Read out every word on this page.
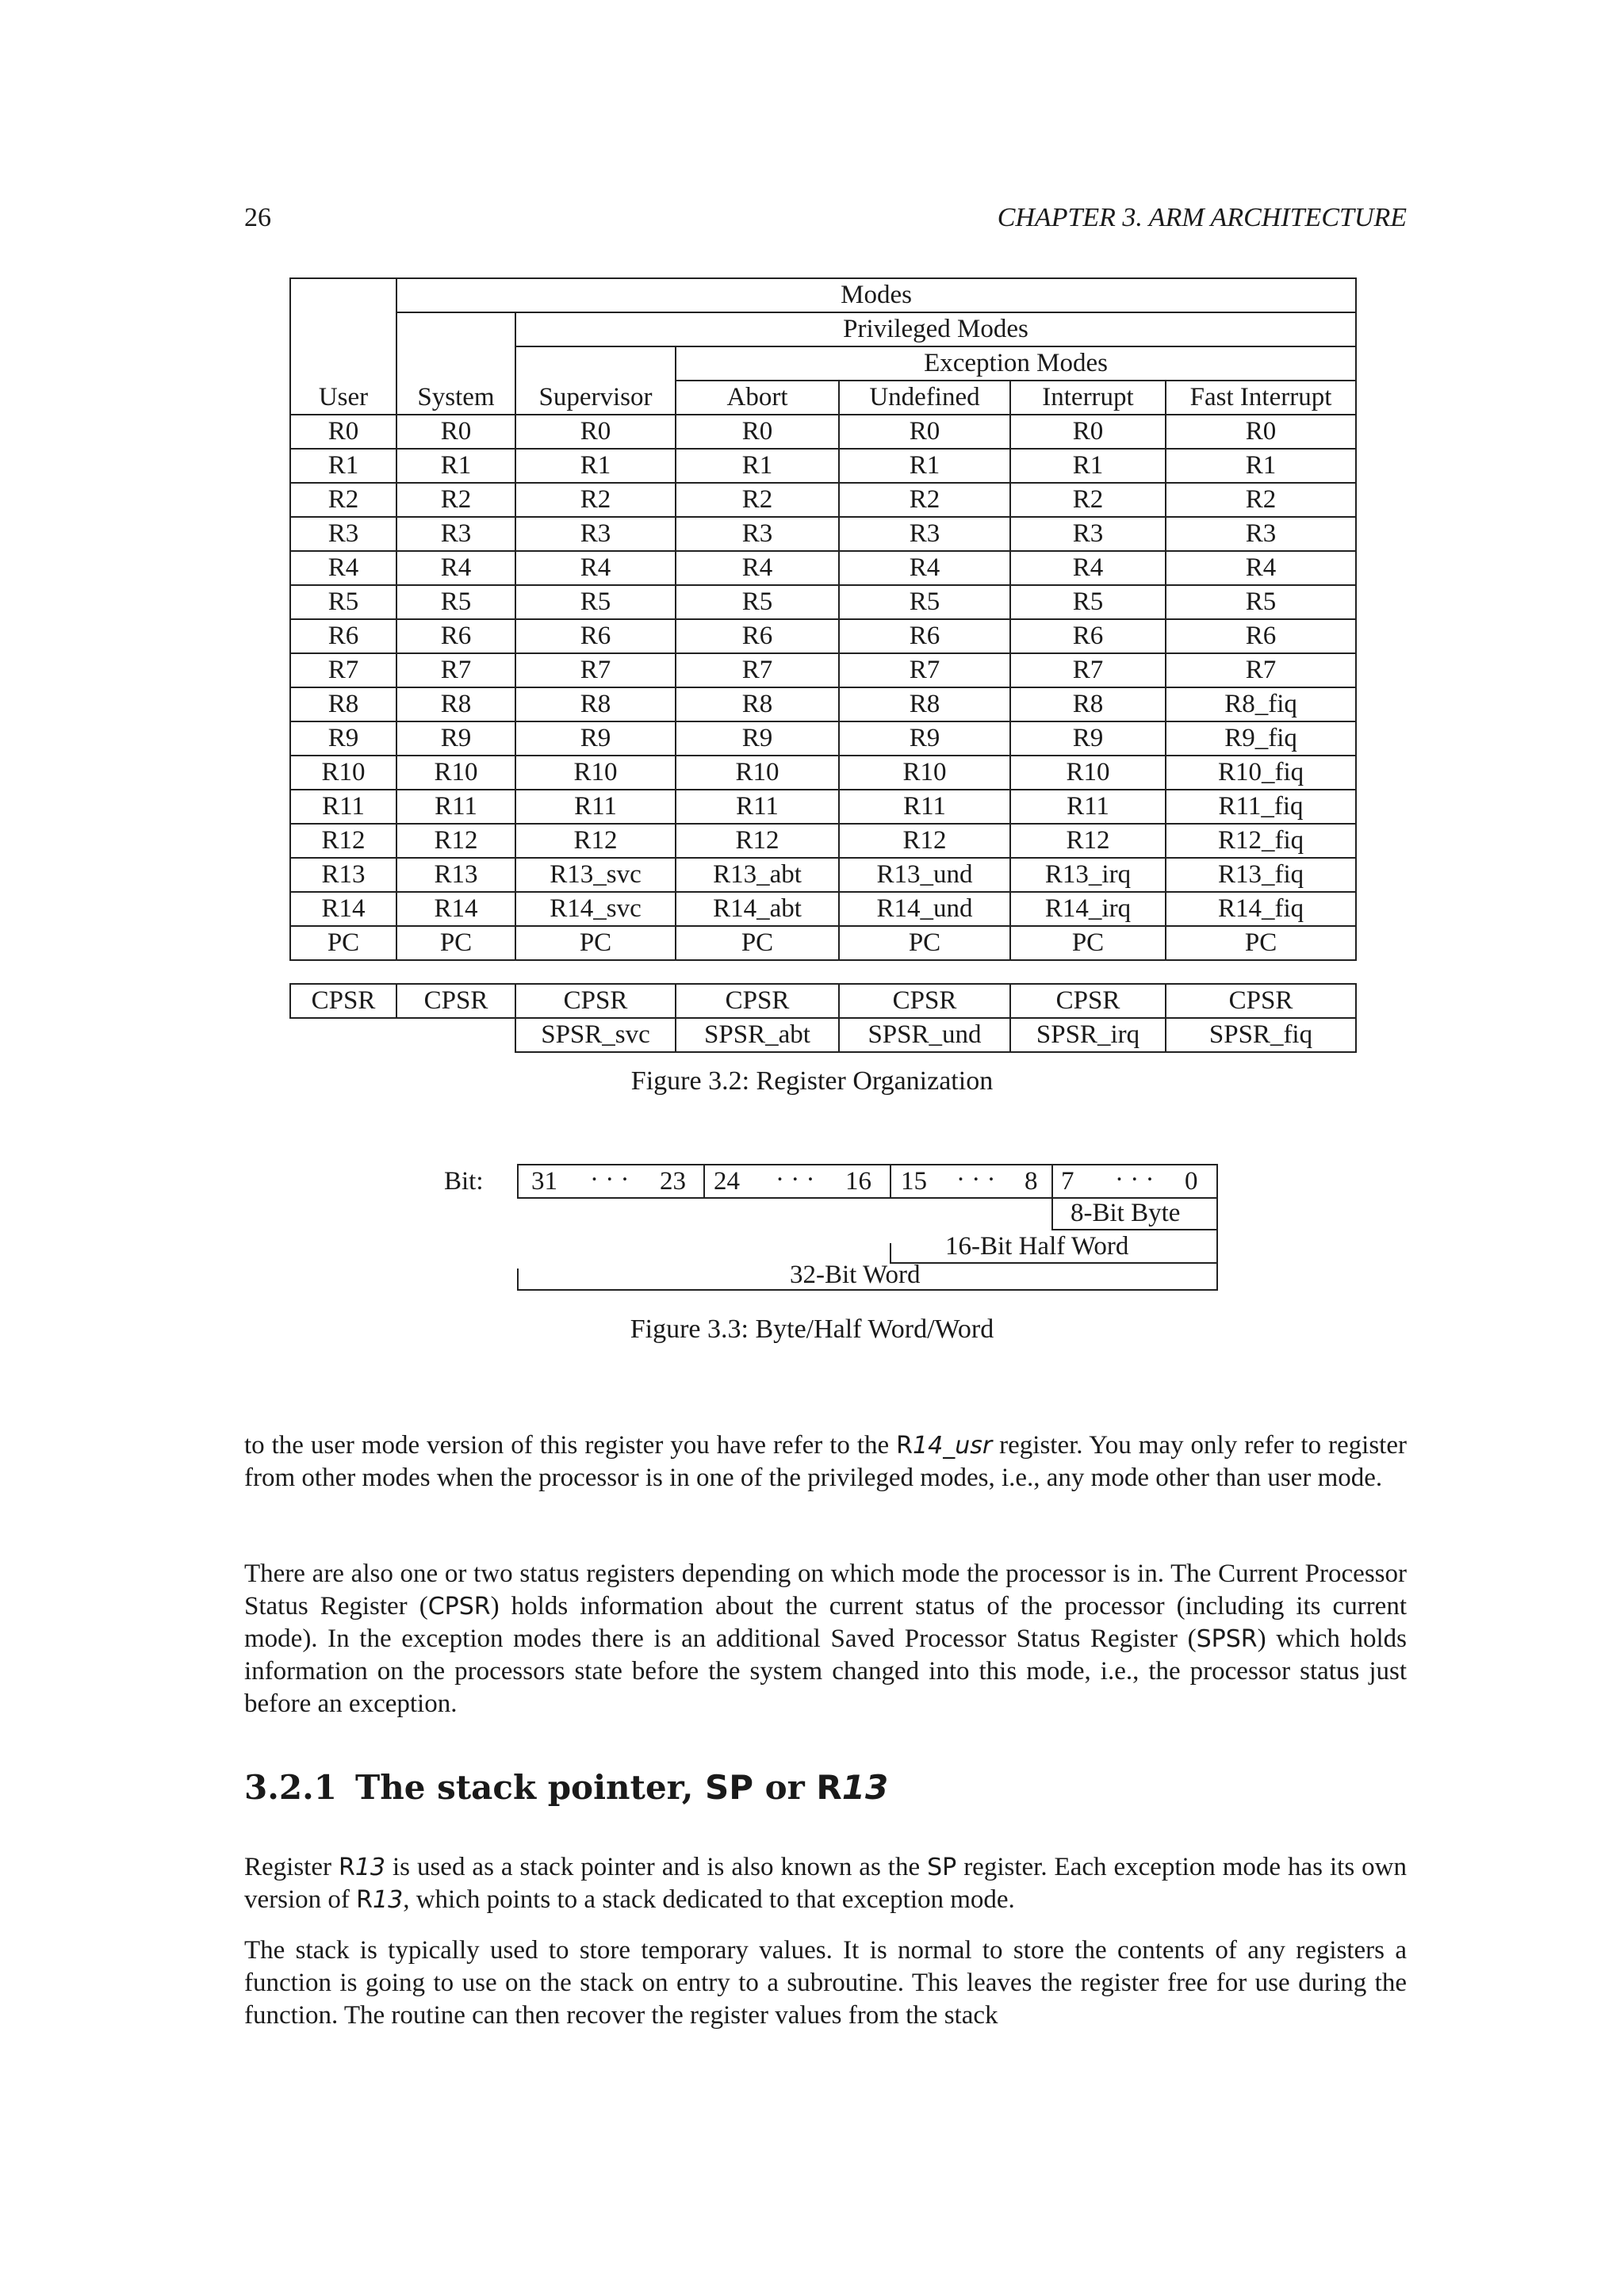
26	CHAPTER 3. ARM ARCHITECTURE
	Modes					
		Privileged Modes				
			Exception Modes			
User	System	Supervisor	Abort	Undefined	Interrupt	Fast Interrupt
R0	R0	R0	R0	R0	R0	R0
R1	R1	R1	R1	R1	R1	R1
R2	R2	R2	R2	R2	R2	R2
R3	R3	R3	R3	R3	R3	R3
R4	R4	R4	R4	R4	R4	R4
R5	R5	R5	R5	R5	R5	R5
R6	R6	R6	R6	R6	R6	R6
R7	R7	R7	R7	R7	R7	R7
R8	R8	R8	R8	R8	R8	R8_fiq
R9	R9	R9	R9	R9	R9	R9_fiq
R10	R10	R10	R10	R10	R10	R10_fiq
R11	R11	R11	R11	R11	R11	R11_fiq
R12	R12	R12	R12	R12	R12	R12_fiq
R13	R13	R13_svc	R13_abt	R13_und	R13_irq	R13_fiq
R14	R14	R14_svc	R14_abt	R14_und	R14_irq	R14_fiq
PC	PC	PC	PC	PC	PC	PC
CPSR	CPSR	CPSR	CPSR	CPSR	CPSR	CPSR
		SPSR_svc	SPSR_abt	SPSR_und	SPSR_irq	SPSR_fiq
Figure 3.2: Register Organization
Bit: 31 · · · 23 24 · · · 16 15 · · · 8 7 · · · 0
8-Bit Byte
16-Bit Half Word
32-Bit Word
Figure 3.3: Byte/Half Word/Word
to the user mode version of this register you have refer to the R14_usr register. You may only refer to register from other modes when the processor is in one of the privileged modes, i.e., any mode other than user mode.
There are also one or two status registers depending on which mode the processor is in. The Current Processor Status Register (CPSR) holds information about the current status of the processor (including its current mode). In the exception modes there is an additional Saved Processor Status Register (SPSR) which holds information on the processors state before the system changed into this mode, i.e., the processor status just before an exception.
3.2.1 The stack pointer, SP or R13
Register R13 is used as a stack pointer and is also known as the SP register. Each exception mode has its own version of R13, which points to a stack dedicated to that exception mode.
The stack is typically used to store temporary values. It is normal to store the contents of any registers a function is going to use on the stack on entry to a subroutine. This leaves the register free for use during the function. The routine can then recover the register values from the stack
